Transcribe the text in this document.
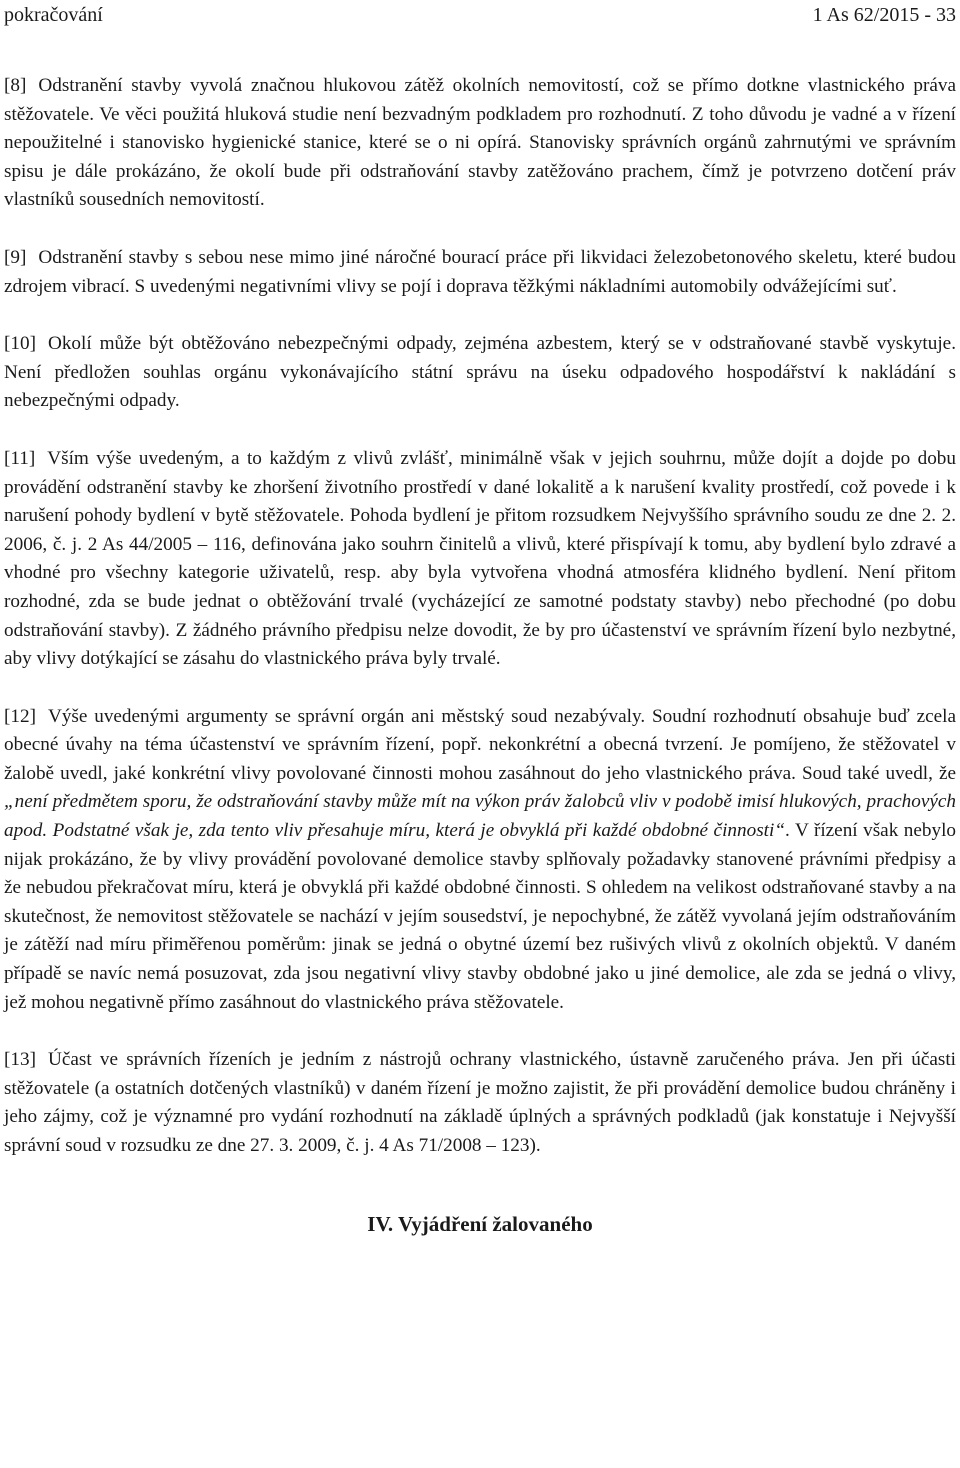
pokračování	1 As 62/2015 - 33

[8] Odstranění stavby vyvolá značnou hlukovou zátěž okolních nemovitostí, což se přímo dotkne vlastnického práva stěžovatele. Ve věci použitá hluková studie není bezvadným podkladem pro rozhodnutí. Z toho důvodu je vadné a v řízení nepoužitelné i stanovisko hygienické stanice, které se o ni opírá. Stanovisky správních orgánů zahrnutými ve správním spisu je dále prokázáno, že okolí bude při odstraňování stavby zatěžováno prachem, čímž je potvrzeno dotčení práv vlastníků sousedních nemovitostí.

[9] Odstranění stavby s sebou nese mimo jiné náročné bourací práce při likvidaci železobetonového skeletu, které budou zdrojem vibrací. S uvedenými negativními vlivy se pojí i doprava těžkými nákladními automobily odvážejícími suť.

[10] Okolí může být obtěžováno nebezpečnými odpady, zejména azbestem, který se v odstraňované stavbě vyskytuje. Není předložen souhlas orgánu vykonávajícího státní správu na úseku odpadového hospodářství k nakládání s nebezpečnými odpady.

[11] Vším výše uvedeným, a to každým z vlivů zvlášť, minimálně však v jejich souhrnu, může dojít a dojde po dobu provádění odstranění stavby ke zhoršení životního prostředí v dané lokalitě a k narušení kvality prostředí, což povede i k narušení pohody bydlení v bytě stěžovatele. Pohoda bydlení je přitom rozsudkem Nejvyššího správního soudu ze dne 2. 2. 2006, č. j. 2 As 44/2005 – 116, definována jako souhrn činitelů a vlivů, které přispívají k tomu, aby bydlení bylo zdravé a vhodné pro všechny kategorie uživatelů, resp. aby byla vytvořena vhodná atmosféra klidného bydlení. Není přitom rozhodné, zda se bude jednat o obtěžování trvalé (vycházející ze samotné podstaty stavby) nebo přechodné (po dobu odstraňování stavby). Z žádného právního předpisu nelze dovodit, že by pro účastenství ve správním řízení bylo nezbytné, aby vlivy dotýkající se zásahu do vlastnického práva byly trvalé.

[12] Výše uvedenými argumenty se správní orgán ani městský soud nezabývaly. Soudní rozhodnutí obsahuje buď zcela obecné úvahy na téma účastenství ve správním řízení, popř. nekonkrétní a obecná tvrzení. Je pomíjeno, že stěžovatel v žalobě uvedl, jaké konkrétní vlivy povolované činnosti mohou zasáhnout do jeho vlastnického práva. Soud také uvedl, že „není předmětem sporu, že odstraňování stavby může mít na výkon práv žalobců vliv v podobě imisí hlukových, prachových apod. Podstatné však je, zda tento vliv přesahuje míru, která je obvyklá při každé obdobné činnosti“. V řízení však nebylo nijak prokázáno, že by vlivy provádění povolované demolice stavby splňovaly požadavky stanovené právními předpisy a že nebudou překračovat míru, která je obvyklá při každé obdobné činnosti. S ohledem na velikost odstraňované stavby a na skutečnost, že nemovitost stěžovatele se nachází v jejím sousedství, je nepochybné, že zátěž vyvolaná jejím odstraňováním je zátěží nad míru přiměřenou poměrům: jinak se jedná o obytné území bez rušivých vlivů z okolních objektů. V daném případě se navíc nemá posuzovat, zda jsou negativní vlivy stavby obdobné jako u jiné demolice, ale zda se jedná o vlivy, jež mohou negativně přímo zasáhnout do vlastnického práva stěžovatele.

[13] Účast ve správních řízeních je jedním z nástrojů ochrany vlastnického, ústavně zaručeného práva. Jen při účasti stěžovatele (a ostatních dotčených vlastníků) v daném řízení je možno zajistit, že při provádění demolice budou chráněny i jeho zájmy, což je významné pro vydání rozhodnutí na základě úplných a správných podkladů (jak konstatuje i Nejvyšší správní soud v rozsudku ze dne 27. 3. 2009, č. j. 4 As 71/2008 – 123).

IV. Vyjádření žalovaného
